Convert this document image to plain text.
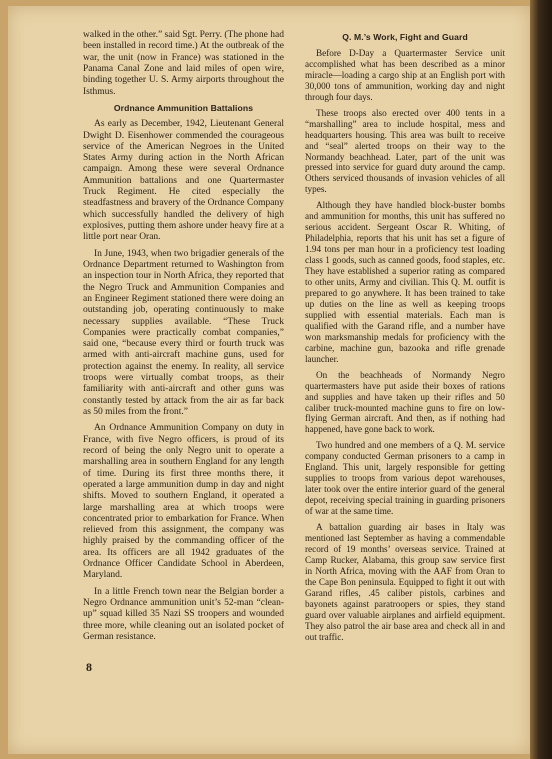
walked in the other.” said Sgt. Perry. (The phone had been installed in record time.) At the outbreak of the war, the unit (now in France) was stationed in the Panama Canal Zone and laid miles of open wire, binding together U. S. Army airports throughout the Isthmus.

Ordnance Ammunition Battalions

As early as December, 1942, Lieutenant General Dwight D. Eisenhower commended the courageous service of the American Negroes in the United States Army during action in the North African campaign. Among these were several Ordnance Ammunition battalions and one Quartermaster Truck Regiment. He cited especially the steadfastness and bravery of the Ordnance Company which successfully handled the delivery of high explosives, putting them ashore under heavy fire at a little port near Oran.

In June, 1943, when two brigadier generals of the Ordnance Department returned to Washington from an inspection tour in North Africa, they reported that the Negro Truck and Ammunition Companies and an Engineer Regiment stationed there were doing an outstanding job, operating continuously to make necessary supplies available. “These Truck Companies were practically combat companies,” said one, “because every third or fourth truck was armed with anti-aircraft machine guns, used for protection against the enemy. In reality, all service troops were virtually combat troops, as their familiarity with anti-aircraft and other guns was constantly tested by attack from the air as far back as 50 miles from the front.”

An Ordnance Ammunition Company on duty in France, with five Negro officers, is proud of its record of being the only Negro unit to operate a marshalling area in southern England for any length of time. During its first three months there, it operated a large ammunition dump in day and night shifts. Moved to southern England, it operated a large marshalling area at which troops were concentrated prior to embarkation for France. When relieved from this assignment, the company was highly praised by the commanding officer of the area. Its officers are all 1942 graduates of the Ordnance Officer Candidate School in Aberdeen, Maryland.

In a little French town near the Belgian border a Negro Ordnance ammunition unit’s 52-man “clean-up” squad killed 35 Nazi SS troopers and wounded three more, while cleaning out an isolated pocket of German resistance.

Q. M.’s Work, Fight and Guard

Before D-Day a Quartermaster Service unit accomplished what has been described as a minor miracle—loading a cargo ship at an English port with 30,000 tons of ammunition, working day and night through four days.

These troops also erected over 400 tents in a “marshalling” area to include hospital, mess and headquarters housing. This area was built to receive and “seal” alerted troops on their way to the Normandy beachhead. Later, part of the unit was pressed into service for guard duty around the camp. Others serviced thousands of invasion vehicles of all types.

Although they have handled block-buster bombs and ammunition for months, this unit has suffered no serious accident. Sergeant Oscar R. Whiting, of Philadelphia, reports that his unit has set a figure of 1.94 tons per man hour in a proficiency test loading class 1 goods, such as canned goods, food staples, etc. They have established a superior rating as compared to other units, Army and civilian. This Q. M. outfit is prepared to go anywhere. It has been trained to take up duties on the line as well as keeping troops supplied with essential materials. Each man is qualified with the Garand rifle, and a number have won marksmanship medals for proficiency with the carbine, machine gun, bazooka and rifle grenade launcher.

On the beachheads of Normandy Negro quartermasters have put aside their boxes of rations and supplies and have taken up their rifles and 50 caliber truck-mounted machine guns to fire on low-flying German aircraft. And then, as if nothing had happened, have gone back to work.

Two hundred and one members of a Q. M. service company conducted German prisoners to a camp in England. This unit, largely responsible for getting supplies to troops from various depot warehouses, later took over the entire interior guard of the general depot, receiving special training in guarding prisoners of war at the same time.

A battalion guarding air bases in Italy was mentioned last September as having a commendable record of 19 months’ overseas service. Trained at Camp Rucker, Alabama, this group saw service first in North Africa, moving with the AAF from Oran to the Cape Bon peninsula. Equipped to fight it out with Garand rifles, .45 caliber pistols, carbines and bayonets against paratroopers or spies, they stand guard over valuable airplanes and airfield equipment. They also patrol the air base area and check all in and out traffic.

8
